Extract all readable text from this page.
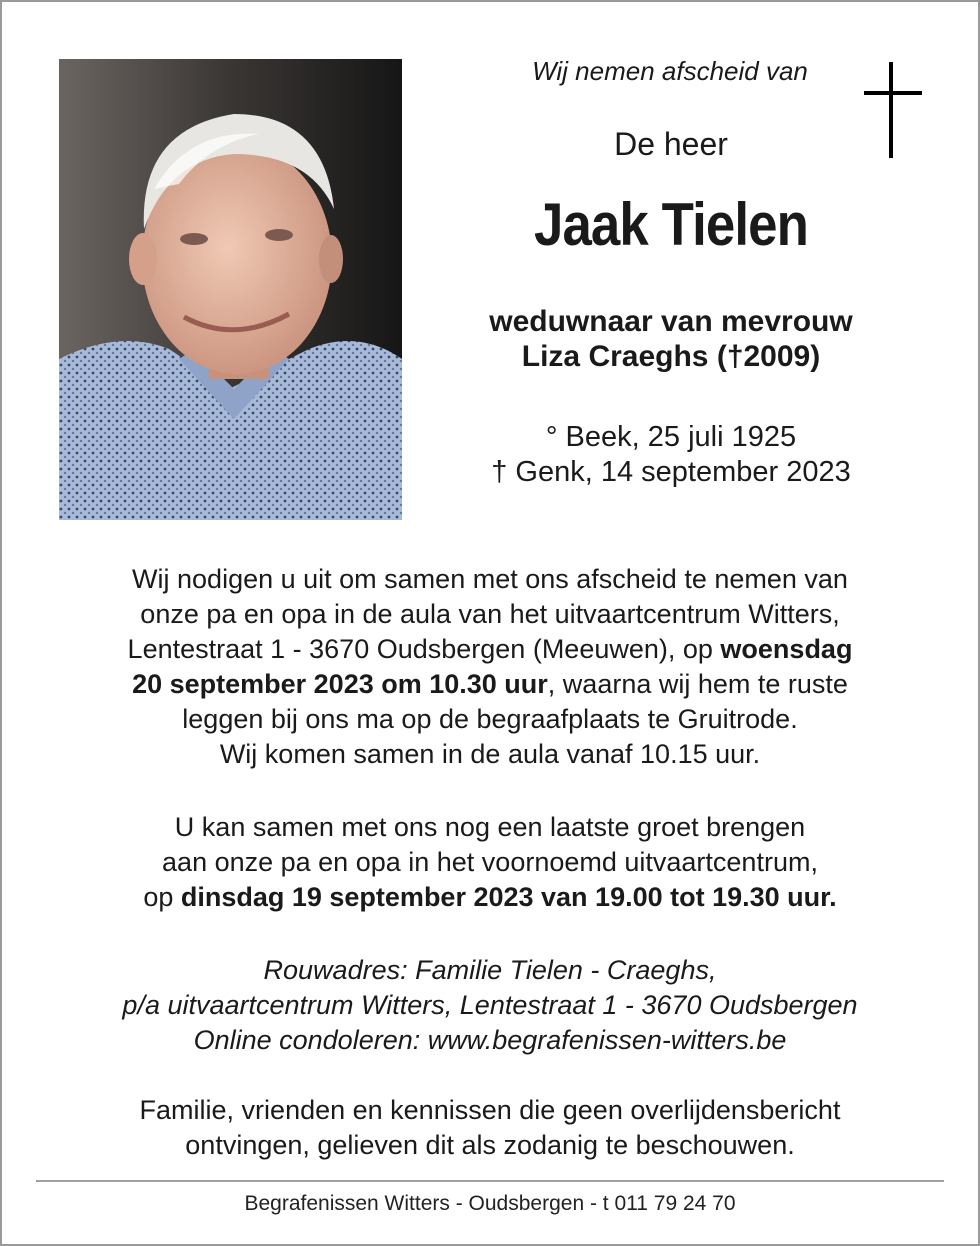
Wij nemen afscheid van
De heer
Jaak Tielen
weduwnaar van mevrouw
Liza Craeghs (†2009)
° Beek, 25 juli 1925
† Genk, 14 september 2023
Wij nodigen u uit om samen met ons afscheid te nemen van
onze pa en opa in de aula van het uitvaartcentrum Witters,
Lentestraat 1 - 3670 Oudsbergen (Meeuwen), op woensdag
20 september 2023 om 10.30 uur, waarna wij hem te ruste
leggen bij ons ma op de begraafplaats te Gruitrode.
Wij komen samen in de aula vanaf 10.15 uur.
U kan samen met ons nog een laatste groet brengen
aan onze pa en opa in het voornoemd uitvaartcentrum,
op dinsdag 19 september 2023 van 19.00 tot 19.30 uur.
Rouwadres: Familie Tielen - Craeghs,
p/a uitvaartcentrum Witters, Lentestraat 1 - 3670 Oudsbergen
Online condoleren: www.begrafenissen-witters.be
Familie, vrienden en kennissen die geen overlijdensbericht
ontvingen, gelieven dit als zodanig te beschouwen.
Begrafenissen Witters - Oudsbergen - t 011 79 24 70
